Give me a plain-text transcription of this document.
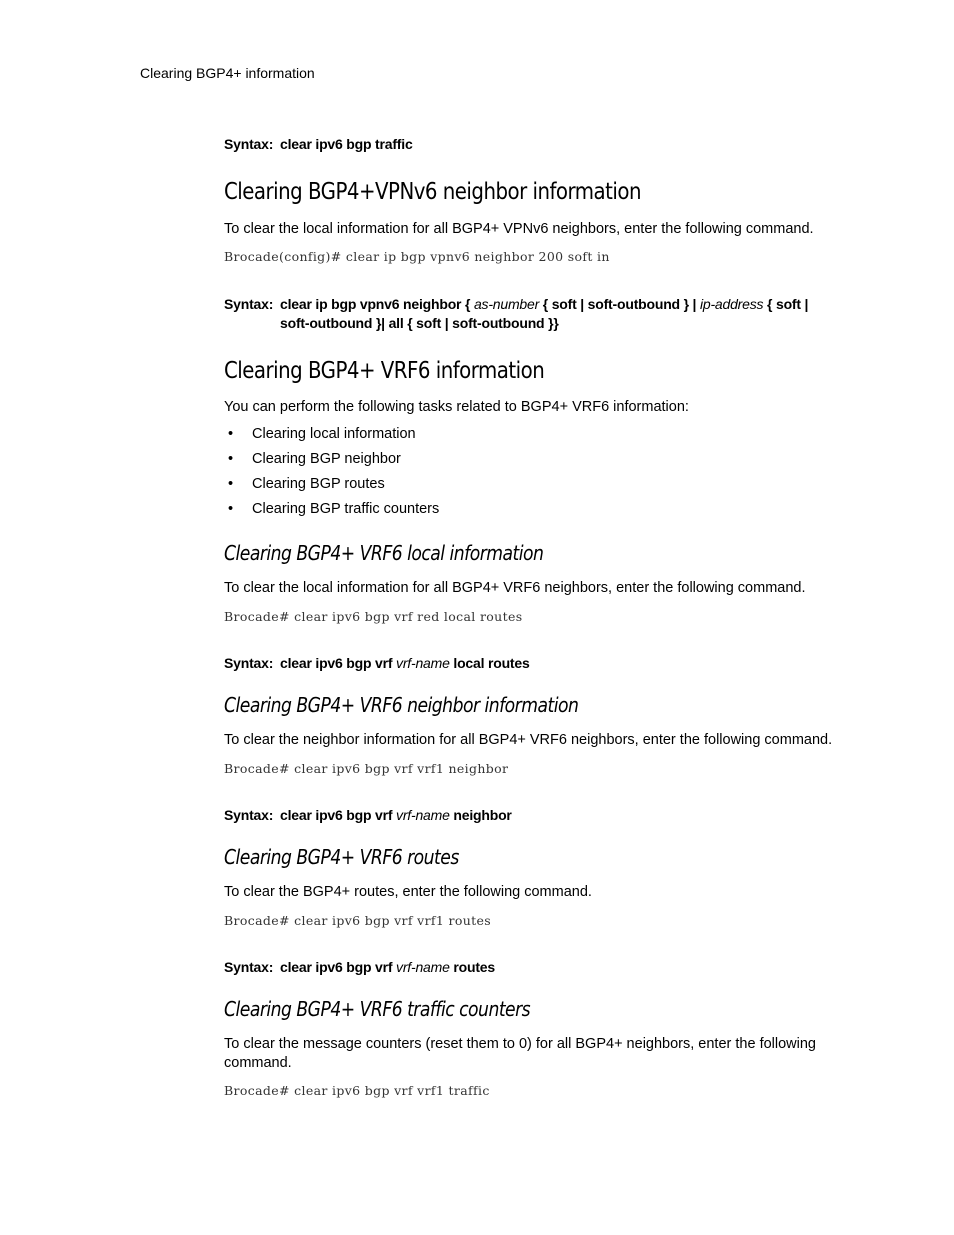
Clearing BGP4+ information
Syntax: clear ipv6 bgp traffic
Clearing BGP4+VPNv6 neighbor information

To clear the local information for all BGP4+ VPNv6 neighbors, enter the following command.

Brocade(config)# clear ip bgp vpnv6 neighbor 200 soft in
Syntax: clear ip bgp vpnv6 neighbor { as-number { soft | soft-outbound } | ip-address { soft |
soft-outbound }| all { soft | soft-outbound }}
Clearing BGP4+ VRF6 information

You can perform the following tasks related to BGP4+ VRF6 information:

• Clearing local information
• Clearing BGP neighbor
• Clearing BGP routes
• Clearing BGP traffic counters
Clearing BGP4+ VRF6 local information

To clear the local information for all BGP4+ VRF6 neighbors, enter the following command.

Brocade# clear ipv6 bgp vrf red local routes
Syntax: clear ipv6 bgp vrf vrf-name local routes
Clearing BGP4+ VRF6 neighbor information

To clear the neighbor information for all BGP4+ VRF6 neighbors, enter the following command.

Brocade# clear ipv6 bgp vrf vrf1 neighbor
Syntax: clear ipv6 bgp vrf vrf-name neighbor
Clearing BGP4+ VRF6 routes

To clear the BGP4+ routes, enter the following command.

Brocade# clear ipv6 bgp vrf vrf1 routes
Syntax: clear ipv6 bgp vrf vrf-name routes
Clearing BGP4+ VRF6 traffic counters

To clear the message counters (reset them to 0) for all BGP4+ neighbors, enter the following command.

Brocade# clear ipv6 bgp vrf vrf1 traffic
